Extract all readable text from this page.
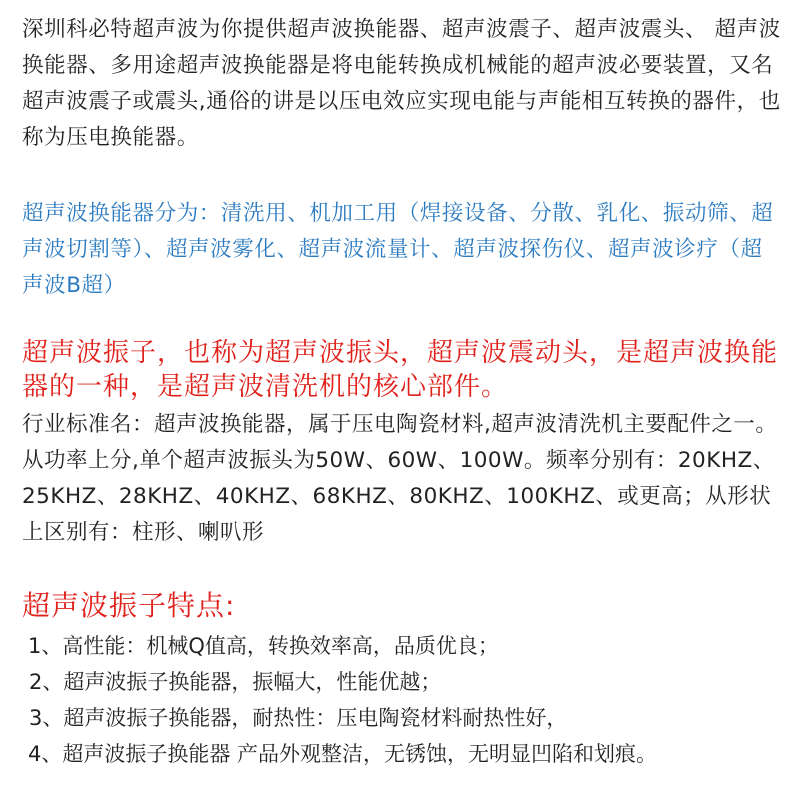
深圳科必特超声波为你提供超声波换能器、超声波震子、超声波震头、 超声波换能器、多用途超声波换能器是将电能转换成机械能的超声波必要装置，又名超声波震子或震头,通俗的讲是以压电效应实现电能与声能相互转换的器件，也称为压电换能器。
超声波换能器分为：清洗用、机加工用（焊接设备、分散、乳化、振动筛、超声波切割等）、超声波雾化、超声波流量计、超声波探伤仪、超声波诊疗（超声波B超）
超声波振子，也称为超声波振头，超声波震动头，是超声波换能器的一种，是超声波清洗机的核心部件。
行业标准名：超声波换能器，属于压电陶瓷材料,超声波清洗机主要配件之一。从功率上分,单个超声波振头为50W、60W、100W。频率分别有：20KHZ、25KHZ、28KHZ、40KHZ、68KHZ、80KHZ、100KHZ、或更高；从形状上区别有：柱形、喇叭形
超声波振子特点:
1、高性能：机械Q值高，转换效率高，品质优良；
2、超声波振子换能器，振幅大，性能优越；
3、超声波振子换能器，耐热性：压电陶瓷材料耐热性好，
4、超声波振子换能器 产品外观整洁，无锈蚀，无明显凹陷和划痕。
